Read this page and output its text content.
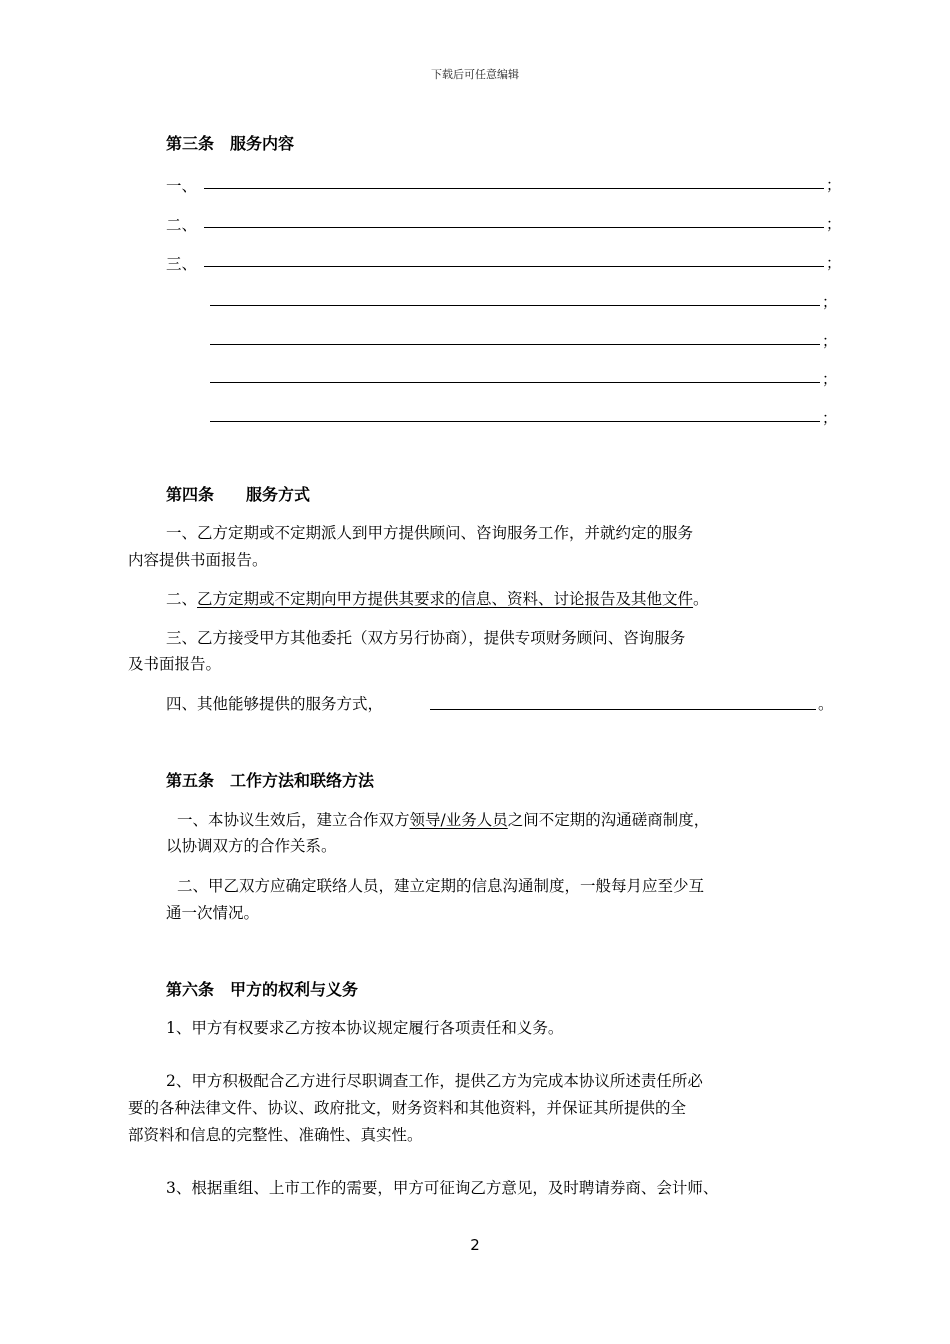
下载后可任意编辑
第三条　服务内容
一、	；
二、	；
三、	；
；
；
；
；
第四条　　服务方式
一、乙方定期或不定期派人到甲方提供顾问、咨询服务工作，并就约定的服务
内容提供书面报告。
二、乙方定期或不定期向甲方提供其要求的信息、资料、讨论报告及其他文件。
三、乙方接受甲方其他委托（双方另行协商），提供专项财务顾问、咨询服务
及书面报告。
四、其他能够提供的服务方式，	。
第五条　工作方法和联络方法
一、本协议生效后，建立合作双方领导/业务人员之间不定期的沟通磋商制度，
以协调双方的合作关系。
二、甲乙双方应确定联络人员，建立定期的信息沟通制度，一般每月应至少互
通一次情况。
第六条　甲方的权利与义务
1、甲方有权要求乙方按本协议规定履行各项责任和义务。
2、甲方积极配合乙方进行尽职调查工作，提供乙方为完成本协议所述责任所必
要的各种法律文件、协议、政府批文，财务资料和其他资料，并保证其所提供的全
部资料和信息的完整性、准确性、真实性。
3、根据重组、上市工作的需要，甲方可征询乙方意见，及时聘请券商、会计师、
2
